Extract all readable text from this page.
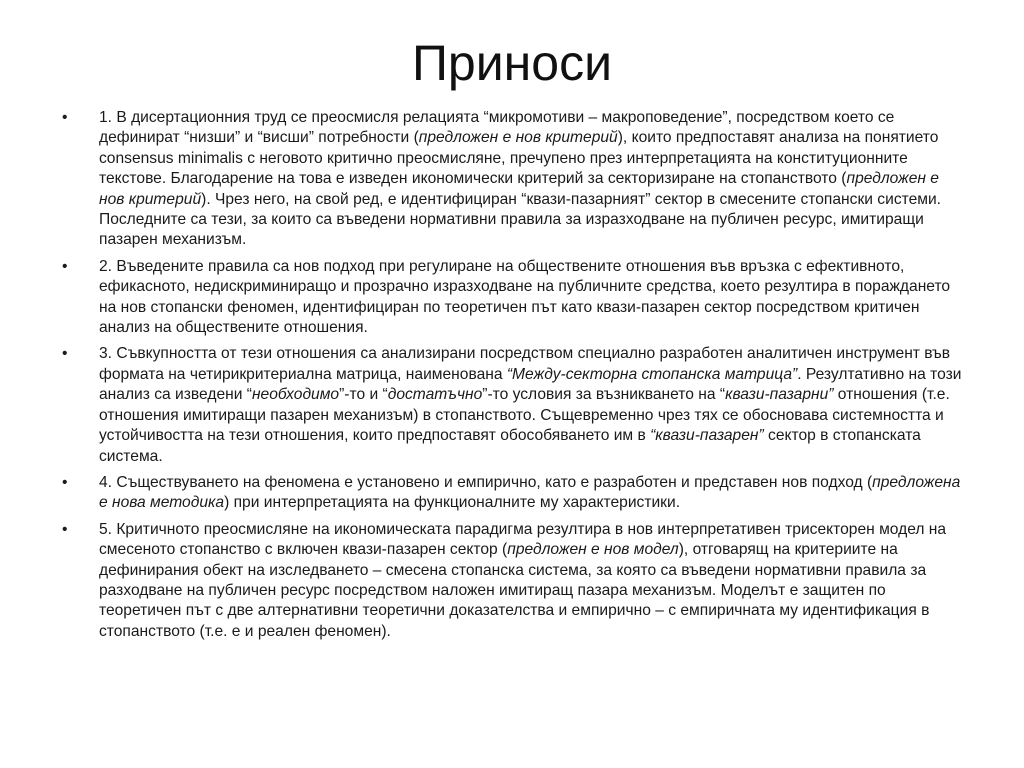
Приноси
•	1. В дисертационния труд се преосмисля релацията “микромотиви – макроповедение”, посредством което се дефинират “низши” и “висши” потребности (предложен е нов критерий), които предпоставят анализа на понятието consensus minimalis с неговото критично преосмисляне, пречупено през интерпретацията на конституционните текстове. Благодарение на това е изведен икономически критерий за секторизиране на стопанството (предложен е нов критерий). Чрез него, на свой ред, е идентифициран “квази-пазарният” сектор в смесените стопански системи. Последните са тези, за които са въведени нормативни правила за изразходване на публичен ресурс, имитиращи пазарен механизъм.
•	2. Въведените правила са нов подход при регулиране на обществените отношения във връзка с ефективното, ефикасното, недискриминиращо и прозрачно изразходване на публичните средства, което резултира в пораждането на нов стопански феномен, идентифициран по теоретичен път като квази-пазарен сектор посредством критичен анализ на обществените отношения.
•	3. Съвкупността от тези отношения са анализирани посредством специално разработен аналитичен инструмент във формата на четирикритериална матрица, наименована “Между-секторна стопанска матрица”. Резултативно на този анализ са изведени “необходимо”-то и “достатъчно”-то условия за възникването на “квази-пазарни” отношения (т.е. отношения имитиращи пазарен механизъм) в стопанството. Същевременно чрез тях се обосновава системността и устойчивостта на тези отношения, които предпоставят обособяването им в “квази-пазарен” сектор в стопанската система.
•	4. Съществуването на феномена е установено и емпирично, като е разработен и представен нов подход (предложена е нова методика) при интерпретацията на функционалните му характеристики.
•	5. Критичното преосмисляне на икономическата парадигма резултира в нов интерпретативен трисекторен модел на смесеното стопанство с включен квази-пазарен сектор (предложен е нов модел), отговарящ на критериите на дефинирания обект на изследването – смесена стопанска система, за която са въведени нормативни правила за разходване на публичен ресурс посредством наложен имитиращ пазара механизъм. Моделът е защитен по теоретичен път с две алтернативни теоретични доказателства и емпирично – с емпиричната му идентификация в стопанството (т.е. е и реален феномен).
